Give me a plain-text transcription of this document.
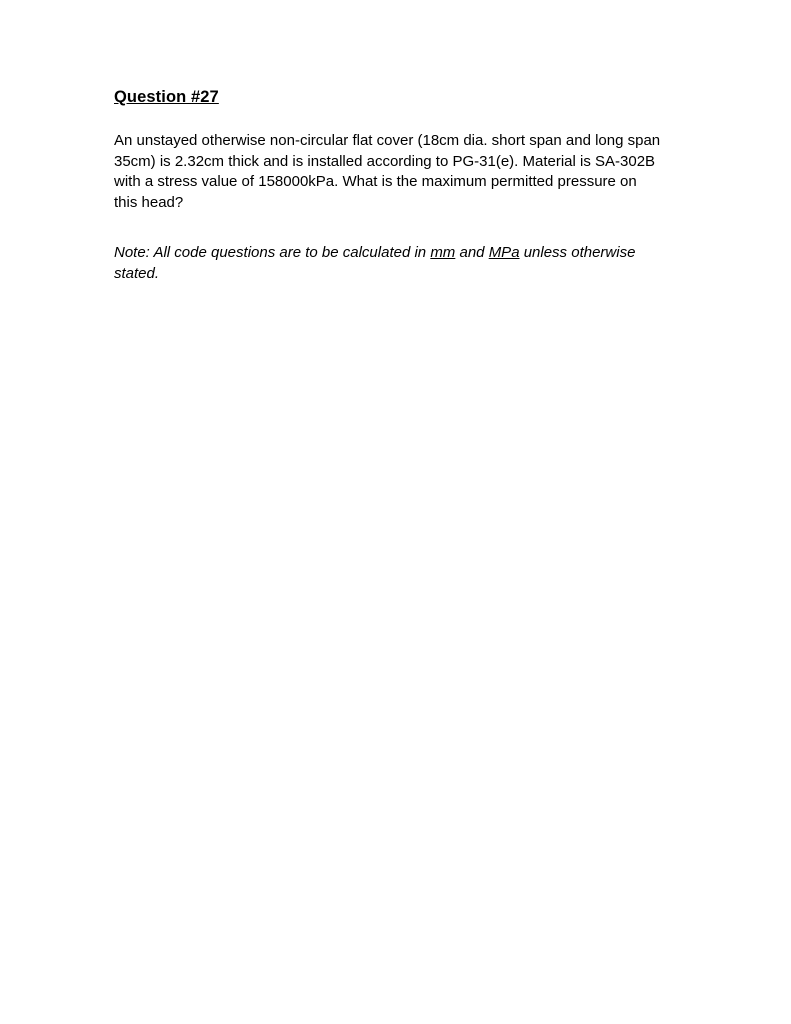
Question #27

An unstayed otherwise non-circular flat cover (18cm dia. short span and long span 35cm) is 2.32cm thick and is installed according to PG-31(e). Material is SA-302B with a stress value of 158000kPa. What is the maximum permitted pressure on this head?

Note: All code questions are to be calculated in mm and MPa unless otherwise stated.
